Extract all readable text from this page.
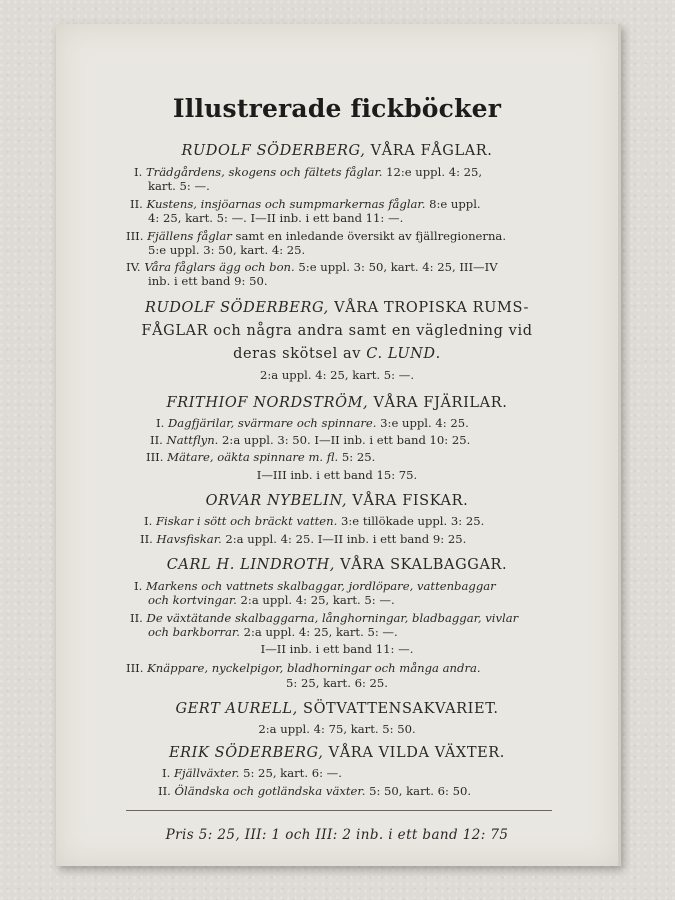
Illustrerade fickböcker
RUDOLF SÖDERBERG, VÅRA FÅGLAR.
I. Trädgårdens, skogens och fältets fåglar. 12:e uppl. 4: 25,
kart. 5: —.
II. Kustens, insjöarnas och sumpmarkernas fåglar. 8:e uppl.
4: 25, kart. 5: —. I—II inb. i ett band 11: —.
III. Fjällens fåglar samt en inledande översikt av fjällregionerna.
5:e uppl. 3: 50, kart. 4: 25.
IV. Våra fåglars ägg och bon. 5:e uppl. 3: 50, kart. 4: 25, III—IV
inb. i ett band 9: 50.
RUDOLF SÖDERBERG, VÅRA TROPISKA RUMS-
FÅGLAR och några andra samt en vägledning vid
deras skötsel av C. LUND.
2:a uppl. 4: 25, kart. 5: —.
FRITHIOF NORDSTRÖM, VÅRA FJÄRILAR.
I. Dagfjärilar, svärmare och spinnare. 3:e uppl. 4: 25.
II. Nattflyn. 2:a uppl. 3: 50. I—II inb. i ett band 10: 25.
III. Mätare, oäkta spinnare m. fl. 5: 25.
I—III inb. i ett band 15: 75.
ORVAR NYBELIN, VÅRA FISKAR.
I. Fiskar i sött och bräckt vatten. 3:e tillökade uppl. 3: 25.
II. Havsfiskar. 2:a uppl. 4: 25. I—II inb. i ett band 9: 25.
CARL H. LINDROTH, VÅRA SKALBAGGAR.
I. Markens och vattnets skalbaggar, jordlöpare, vattenbaggar
och kortvingar. 2:a uppl. 4: 25, kart. 5: —.
II. De växtätande skalbaggarna, långhorningar, bladbaggar, vivlar
och barkborrar. 2:a uppl. 4: 25, kart. 5: —.
I—II inb. i ett band 11: —.
III. Knäppare, nyckelpigor, bladhorningar och många andra.
5: 25, kart. 6: 25.
GERT AURELL, SÖTVATTENSAKVARIET.
2:a uppl. 4: 75, kart. 5: 50.
ERIK SÖDERBERG, VÅRA VILDA VÄXTER.
I. Fjällväxter. 5: 25, kart. 6: —.
II. Öländska och gotländska växter. 5: 50, kart. 6: 50.
Pris 5: 25, III: 1 och III: 2 inb. i ett band 12: 75
